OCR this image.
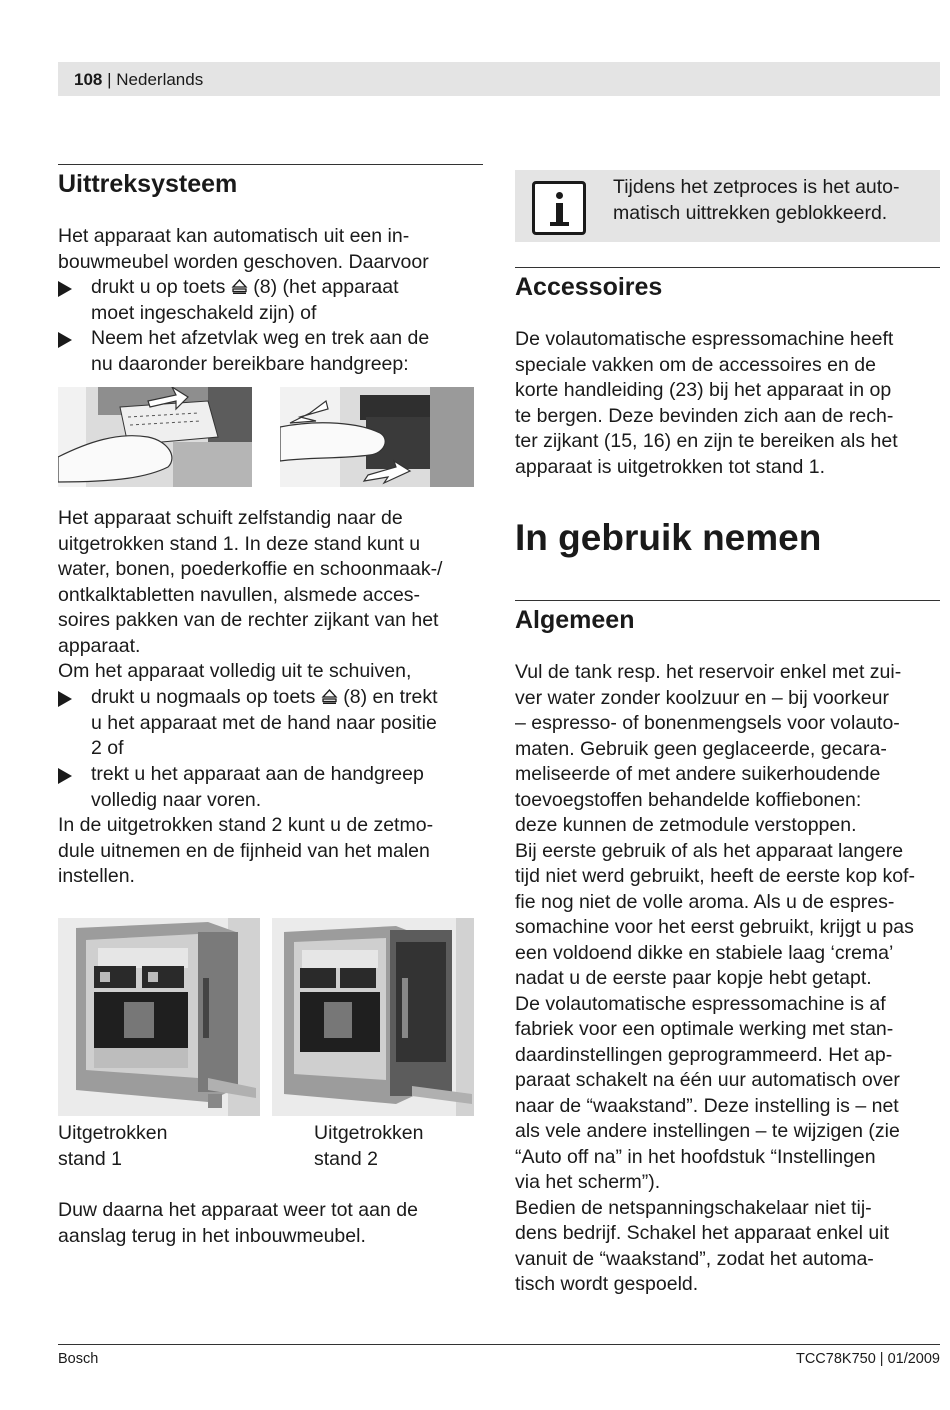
108 | Nederlands
Uittreksysteem
Het apparaat kan automatisch uit een in-
bouwmeubel worden geschoven. Daarvoor
drukt u op toets  (8) (het apparaat
moet ingeschakeld zijn) of
Neem het afzetvlak weg en trek aan de
nu daaronder bereikbare handgreep:
Het apparaat schuift zelfstandig naar de
uitgetrokken stand 1. In deze stand kunt u
water, bonen, poederkoffie en schoonmaak-/
ontkalktabletten navullen, alsmede acces-
soires pakken van de rechter zijkant van het
apparaat.
Om het apparaat volledig uit te schuiven,
drukt u nogmaals op toets  (8) en trekt
u het apparaat met de hand naar positie
2 of
trekt u het apparaat aan de handgreep
volledig naar voren.
In de uitgetrokken stand 2 kunt u de zetmo-
dule uitnemen en de fijnheid van het malen
instellen.
Uitgetrokken
stand 1
Uitgetrokken
stand 2
Duw daarna het apparaat weer tot aan de
aanslag terug in het inbouwmeubel.
Tijdens het zetproces is het auto-
matisch uittrekken geblokkeerd.
Accessoires
De volautomatische espressomachine heeft
speciale vakken om de accessoires en de
korte handleiding (23) bij het apparaat in op
te bergen. Deze bevinden zich aan de rech-
ter zijkant (15, 16) en zijn te bereiken als het
apparaat is uitgetrokken tot stand 1.
In gebruik nemen
Algemeen
Vul de tank resp. het reservoir enkel met zui-
ver water zonder koolzuur en – bij voorkeur
– espresso- of bonenmengsels voor volauto-
maten. Gebruik geen geglaceerde, gecara-
meliseerde of met andere suikerhoudende
toevoegstoffen behandelde koffiebonen:
deze kunnen de zetmodule verstoppen.
Bij eerste gebruik of als het apparaat langere
tijd niet werd gebruikt, heeft de eerste kop kof-
fie nog niet de volle aroma. Als u de espres-
somachine voor het eerst gebruikt, krijgt u pas
een voldoend dikke en stabiele laag ‘crema’
nadat u de eerste paar kopje hebt getapt.
De volautomatische espressomachine is af
fabriek voor een optimale werking met stan-
daardinstellingen geprogrammeerd. Het ap-
paraat schakelt na één uur automatisch over
naar de “waakstand”. Deze instelling is – net
als vele andere instellingen – te wijzigen (zie
“Auto off na” in het hoofdstuk “Instellingen
via het scherm”).
Bedien de netspanningschakelaar niet tij-
dens bedrijf. Schakel het apparaat enkel uit
vanuit de “waakstand”, zodat het automa-
tisch wordt gespoeld.
Bosch	TCC78K750 | 01/2009
